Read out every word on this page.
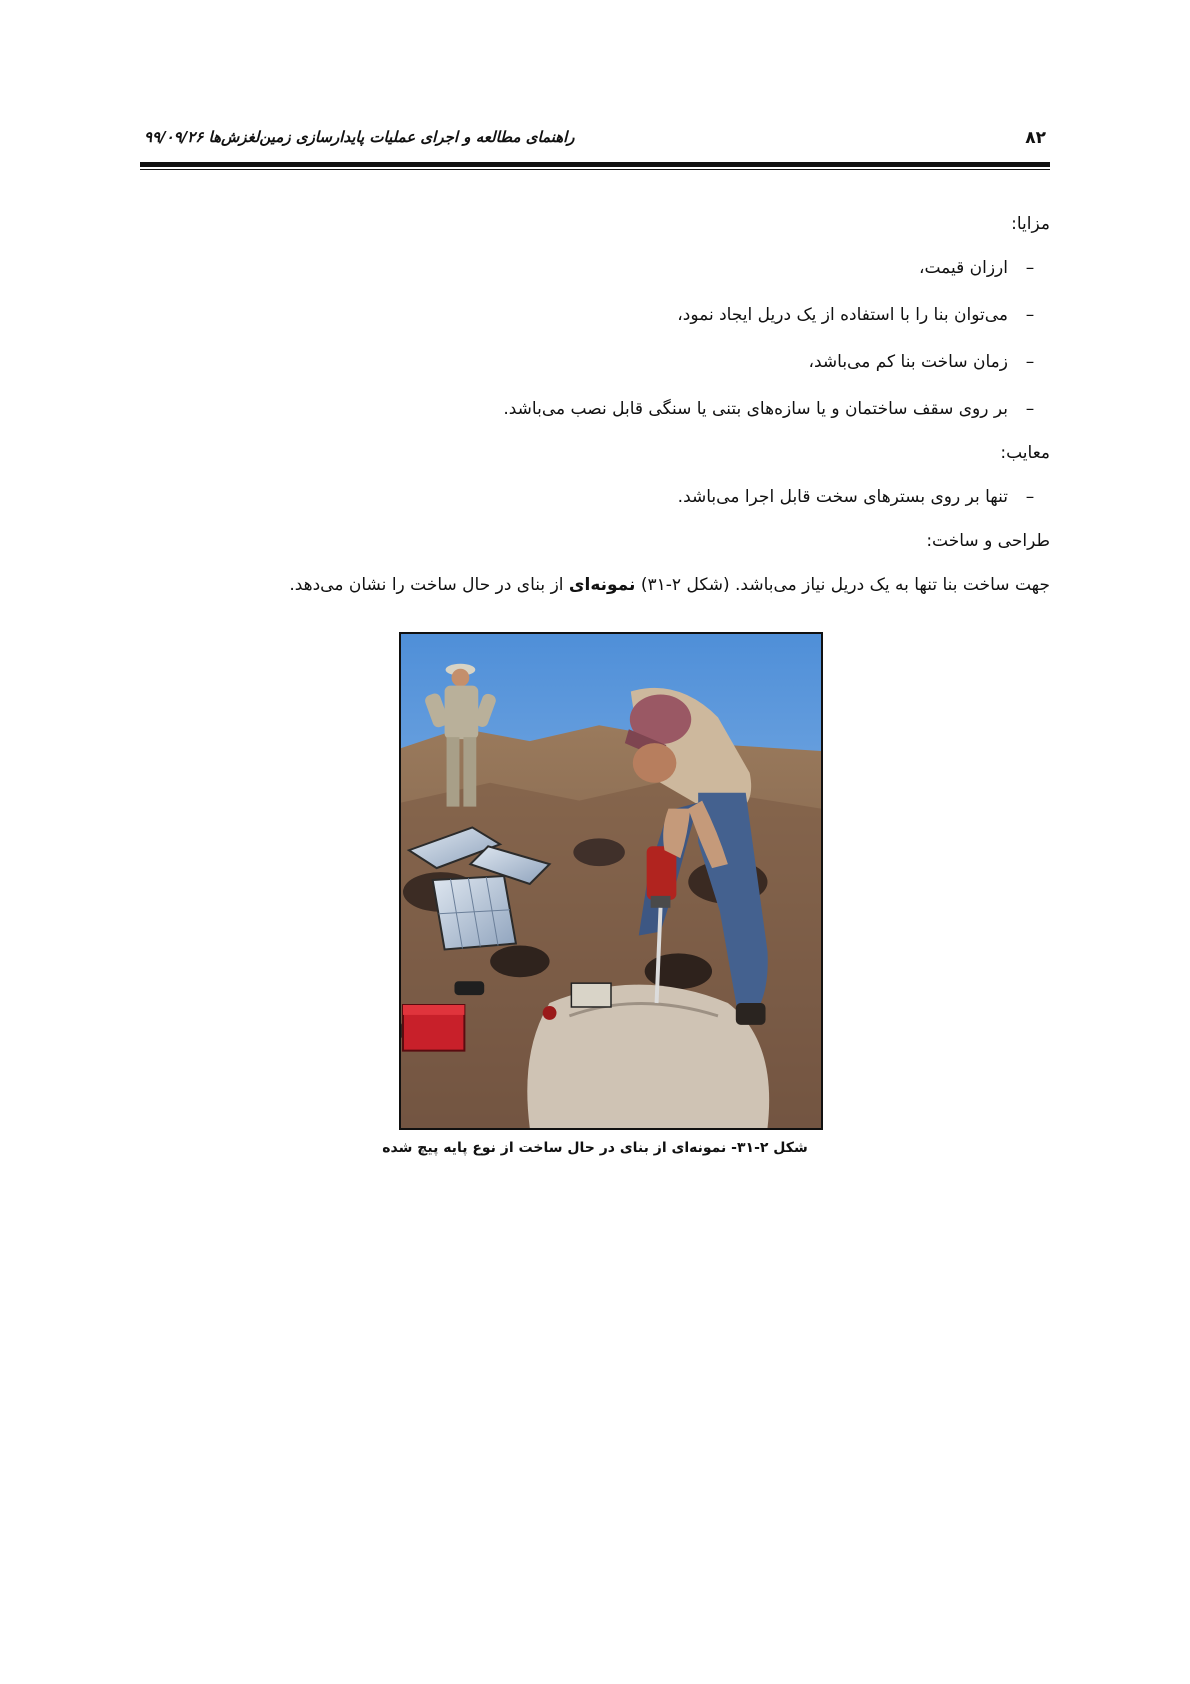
۸۲
راهنمای مطالعه و اجرای عملیات پایدارسازی زمین‌لغزش‌ها ۹۹/۰۹/۲۶

مزایا:

–
ارزان قیمت،
–
می‌توان بنا را با استفاده از یک دریل ایجاد نمود،
–
زمان ساخت بنا کم می‌باشد،
–
بر روی سقف ساختمان و یا سازه‌های بتنی یا سنگی قابل نصب می‌باشد.

معایب:

–
تنها بر روی بسترهای سخت قابل اجرا می‌باشد.

طراحی و ساخت:

جهت ساخت بنا تنها به یک دریل نیاز می‌باشد. (شکل ۲-۳۱) نمونه‌ای از بنای در حال ساخت را نشان می‌دهد.

شکل ۲-۳۱- نمونه‌ای از بنای در حال ساخت از نوع پایه پیچ شده
